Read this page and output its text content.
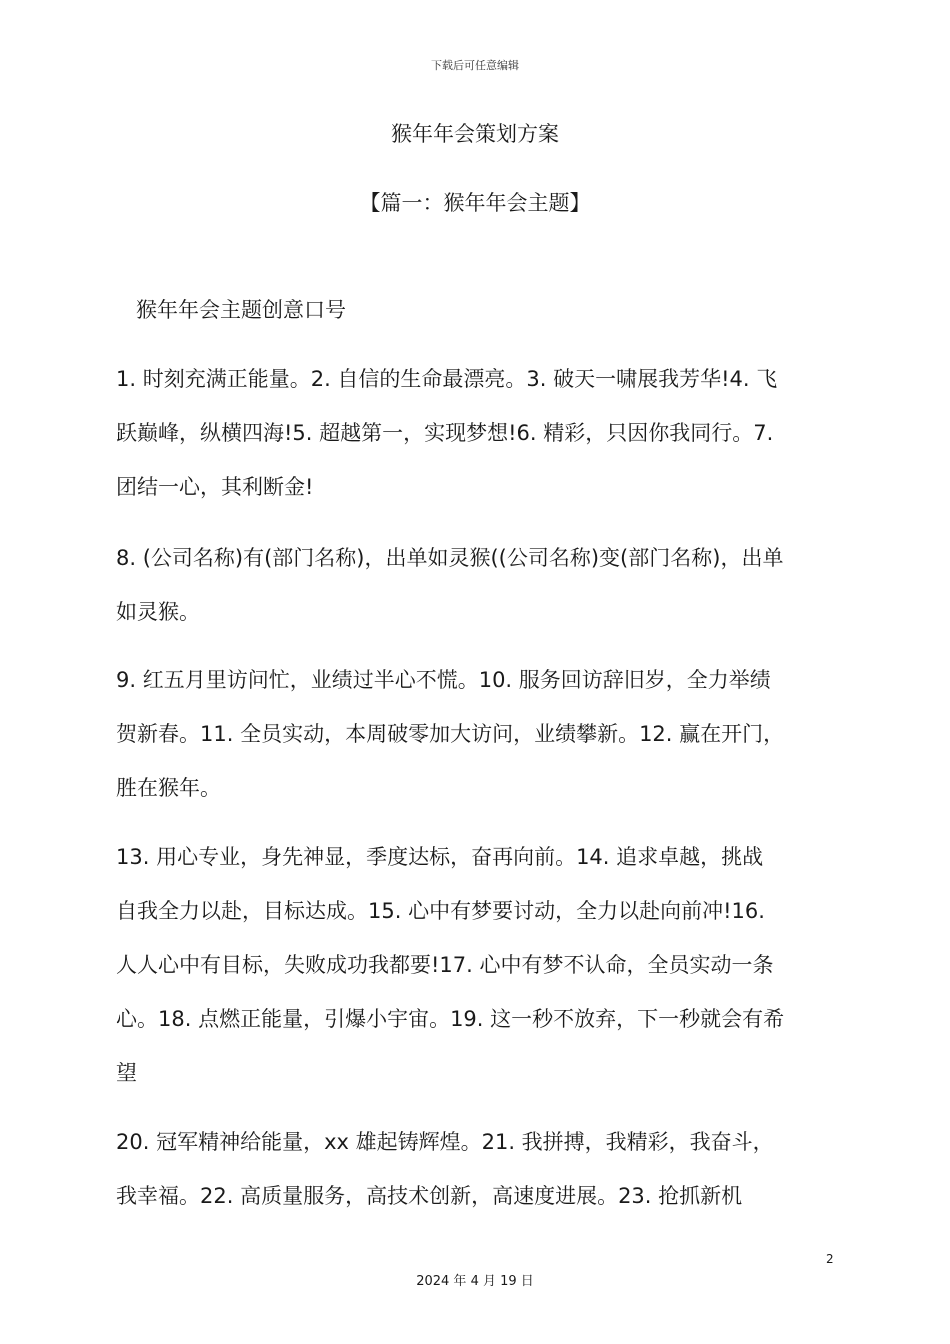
下载后可任意编辑
猴年年会策划方案
【篇一：猴年年会主题】
猴年年会主题创意口号
1. 时刻充满正能量。2. 自信的生命最漂亮。3. 破天一啸展我芳华!4. 飞
跃巅峰，纵横四海!5. 超越第一，实现梦想!6. 精彩，只因你我同行。7.
团结一心，其利断金!
8. (公司名称)有(部门名称)，出单如灵猴((公司名称)变(部门名称)，出单
如灵猴。
9. 红五月里访问忙，业绩过半心不慌。10. 服务回访辞旧岁，全力举绩
贺新春。11. 全员实动，本周破零加大访问，业绩攀新。12. 赢在开门，
胜在猴年。
13. 用心专业，身先神显，季度达标，奋再向前。14. 追求卓越，挑战
自我全力以赴，目标达成。15. 心中有梦要讨动，全力以赴向前冲!16.
人人心中有目标，失败成功我都要!17. 心中有梦不认命，全员实动一条
心。18. 点燃正能量，引爆小宇宙。19. 这一秒不放弃，下一秒就会有希
望
20. 冠军精神给能量，xx 雄起铸辉煌。21. 我拼搏，我精彩，我奋斗，
我幸福。22. 高质量服务，高技术创新，高速度进展。23. 抢抓新机
2
2024 年 4 月 19 日
